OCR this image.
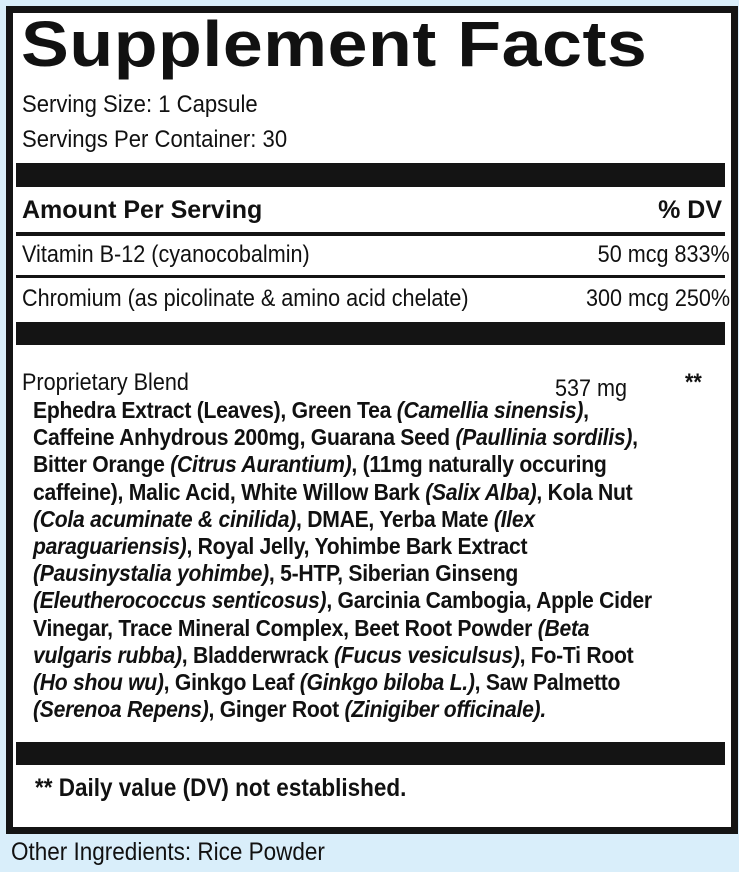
Supplement Facts
Serving Size: 1 Capsule
Servings Per Container: 30
Amount Per Serving	% DV
Vitamin B-12 (cyanocobalmin)	50 mcg 833%
Chromium (as picolinate & amino acid chelate)	300 mcg 250%
Proprietary Blend	537 mg **
Ephedra Extract (Leaves), Green Tea (Camellia sinensis),
Caffeine Anhydrous 200mg, Guarana Seed (Paullinia sordilis),
Bitter Orange (Citrus Aurantium), (11mg naturally occuring
caffeine), Malic Acid, White Willow Bark (Salix Alba), Kola Nut
(Cola acuminate & cinilida), DMAE, Yerba Mate (Ilex
paraguariensis), Royal Jelly, Yohimbe Bark Extract
(Pausinystalia yohimbe), 5-HTP, Siberian Ginseng
(Eleutherococcus senticosus), Garcinia Cambogia, Apple Cider
Vinegar, Trace Mineral Complex, Beet Root Powder (Beta
vulgaris rubba), Bladderwrack (Fucus vesiculsus), Fo-Ti Root
(Ho shou wu), Ginkgo Leaf (Ginkgo biloba L.), Saw Palmetto
(Serenoa Repens), Ginger Root (Zinigiber officinale).
** Daily value (DV) not established.
Other Ingredients: Rice Powder
